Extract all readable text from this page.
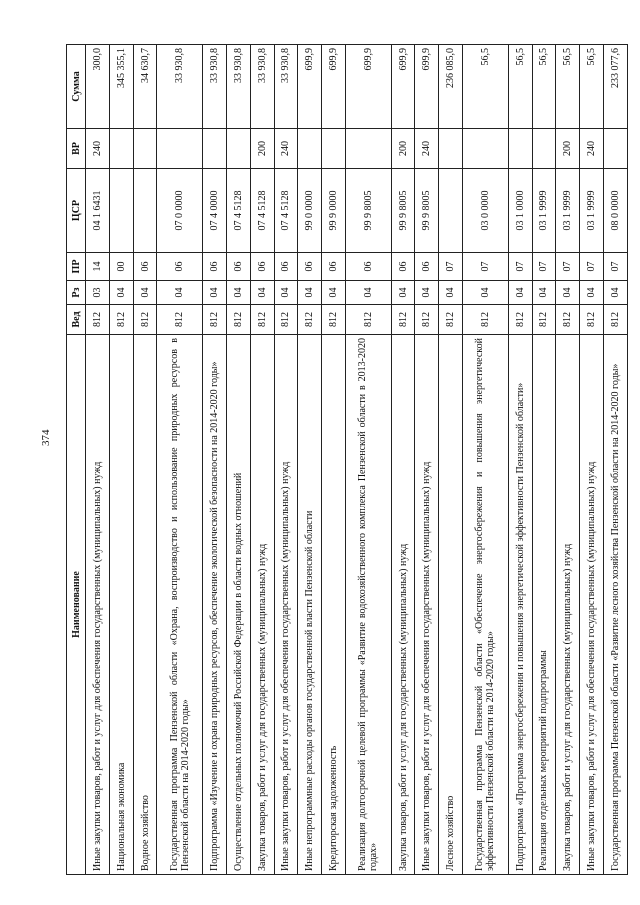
374
Наименование	Вед	Рз	ПР	ЦСР	ВР	Сумма
Иные закупки товаров, работ и услуг для обеспечения государственных (муниципальных) нужд	812	03	14	04 1 6431	240	300,0
Национальная экономика	812	04	00			345 355,1
Водное хозяйство	812	04	06			34 630,7
Государственная программа Пензенской области «Охрана, воспроизводство и использование природных ресурсов в Пензенской области на 2014-2020 годы»	812	04	06	07 0 0000		33 930,8
Подпрограмма «Изучение и охрана природных ресурсов, обеспечение экологической безопасности на 2014-2020 годы»	812	04	06	07 4 0000		33 930,8
Осуществление отдельных полномочий Российской Федерации в области водных отношений	812	04	06	07 4 5128		33 930,8
Закупка товаров, работ и услуг для государственных (муниципальных) нужд	812	04	06	07 4 5128	200	33 930,8
Иные закупки товаров, работ и услуг для обеспечения государственных (муниципальных) нужд	812	04	06	07 4 5128	240	33 930,8
Иные непрограммные расходы органов государственной власти Пензенской области	812	04	06	99 0 0000		699,9
Кредиторская задолженность	812	04	06	99 9 0000		699,9
Реализация долгосрочной целевой программы «Развитие водохозяйственного комплекса Пензенской области в 2013-2020 годах»	812	04	06	99 9 8005		699,9
Закупка товаров, работ и услуг для государственных (муниципальных) нужд	812	04	06	99 9 8005	200	699,9
Иные закупки товаров, работ и услуг для обеспечения государственных (муниципальных) нужд	812	04	06	99 9 8005	240	699,9
Лесное хозяйство	812	04	07			236 085,0
Государственная программа Пензенской области «Обеспечение энергосбережения и повышения энергетической эффективности Пензенской области на 2014-2020 годы»	812	04	07	03 0 0000		56,5
Подпрограмма «Программа энергосбережения и повышения энергетической эффективности Пензенской области»	812	04	07	03 1 0000		56,5
Реализация отдельных мероприятий подпрограммы	812	04	07	03 1 9999		56,5
Закупка товаров, работ и услуг для государственных (муниципальных) нужд	812	04	07	03 1 9999	200	56,5
Иные закупки товаров, работ и услуг для обеспечения государственных (муниципальных) нужд	812	04	07	03 1 9999	240	56,5
Государственная программа Пензенской области «Развитие лесного хозяйства Пензенской области на 2014-2020 годы»	812	04	07	08 0 0000		233 077,6
